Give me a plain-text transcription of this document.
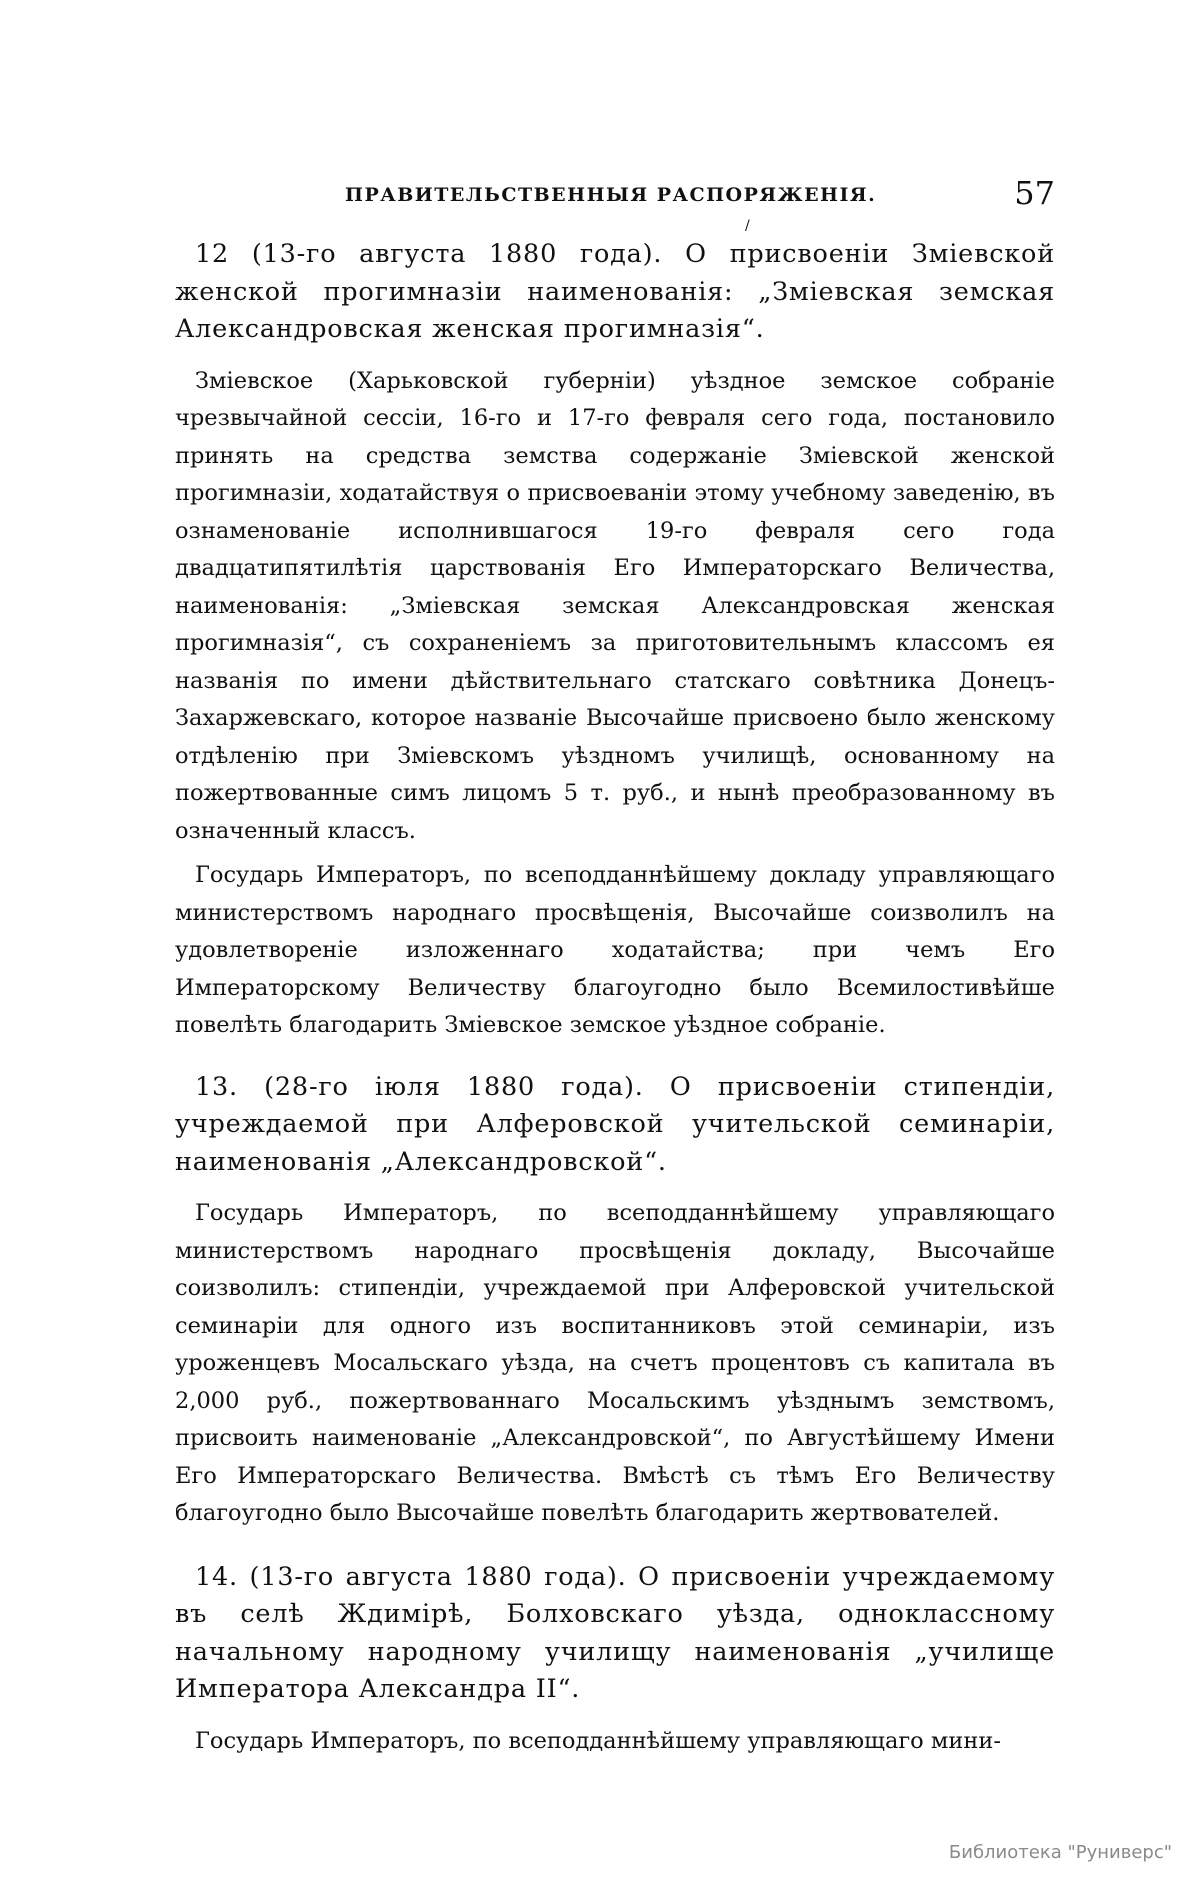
ПРАВИТЕЛЬСТВЕННЫЯ РАСПОРЯЖЕНІЯ.	57
/

12 (13-го августа 1880 года). О присвоеніи Зміевской женской прогимназіи наименованія: „Зміевская земская Александровская женская прогимназія“.

Зміевское (Харьковской губерніи) уѣздное земское собраніе чрезвычайной сессіи, 16-го и 17-го февраля сего года, постановило принять на средства земства содержаніе Зміевской женской прогимназіи, ходатайствуя о присвоеваніи этому учебному заведенію, въ ознаменованіе исполнившагося 19-го февраля сего года двадцатипятилѣтія царствованія Его Императорскаго Величества, наименованія: „Зміевская земская Александровская женская прогимназія“, съ сохраненіемъ за приготовительнымъ классомъ ея названія по имени дѣйствительнаго статскаго совѣтника Донецъ-Захаржевскаго, которое названіе Высочайше присвоено было женскому отдѣленію при Зміевскомъ уѣздномъ училищѣ, основанному на пожертвованные симъ лицомъ 5 т. руб., и нынѣ преобразованному въ означенный классъ.

Государь Императоръ, по всеподданнѣйшему докладу управляющаго министерствомъ народнаго просвѣщенія, Высочайше соизволилъ на удовлетвореніе изложеннаго ходатайства; при чемъ Его Императорскому Величеству благоугодно было Всемилостивѣйше повелѣть благодарить Зміевское земское уѣздное собраніе.

13. (28-го іюля 1880 года). О присвоеніи стипендіи, учреждаемой при Алферовской учительской семинаріи, наименованія „Александровской“.

Государь Императоръ, по всеподданнѣйшему управляющаго министерствомъ народнаго просвѣщенія докладу, Высочайше соизволилъ: стипендіи, учреждаемой при Алферовской учительской семинаріи для одного изъ воспитанниковъ этой семинаріи, изъ уроженцевъ Мосальскаго уѣзда, на счетъ процентовъ съ капитала въ 2,000 руб., пожертвованнаго Мосальскимъ уѣзднымъ земствомъ, присвоить наименованіе „Александровской“, по Августѣйшему Имени Его Императорскаго Величества. Вмѣстѣ съ тѣмъ Его Величеству благоугодно было Высочайше повелѣть благодарить жертвователей.

14. (13-го августа 1880 года). О присвоеніи учреждаемому въ селѣ Ждимірѣ, Болховскаго уѣзда, одноклассному начальному народному училищу наименованія „училище Императора Александра II“.

Государь Императоръ, по всеподданнѣйшему управляющаго мини-

Библиотека "Руниверс"
